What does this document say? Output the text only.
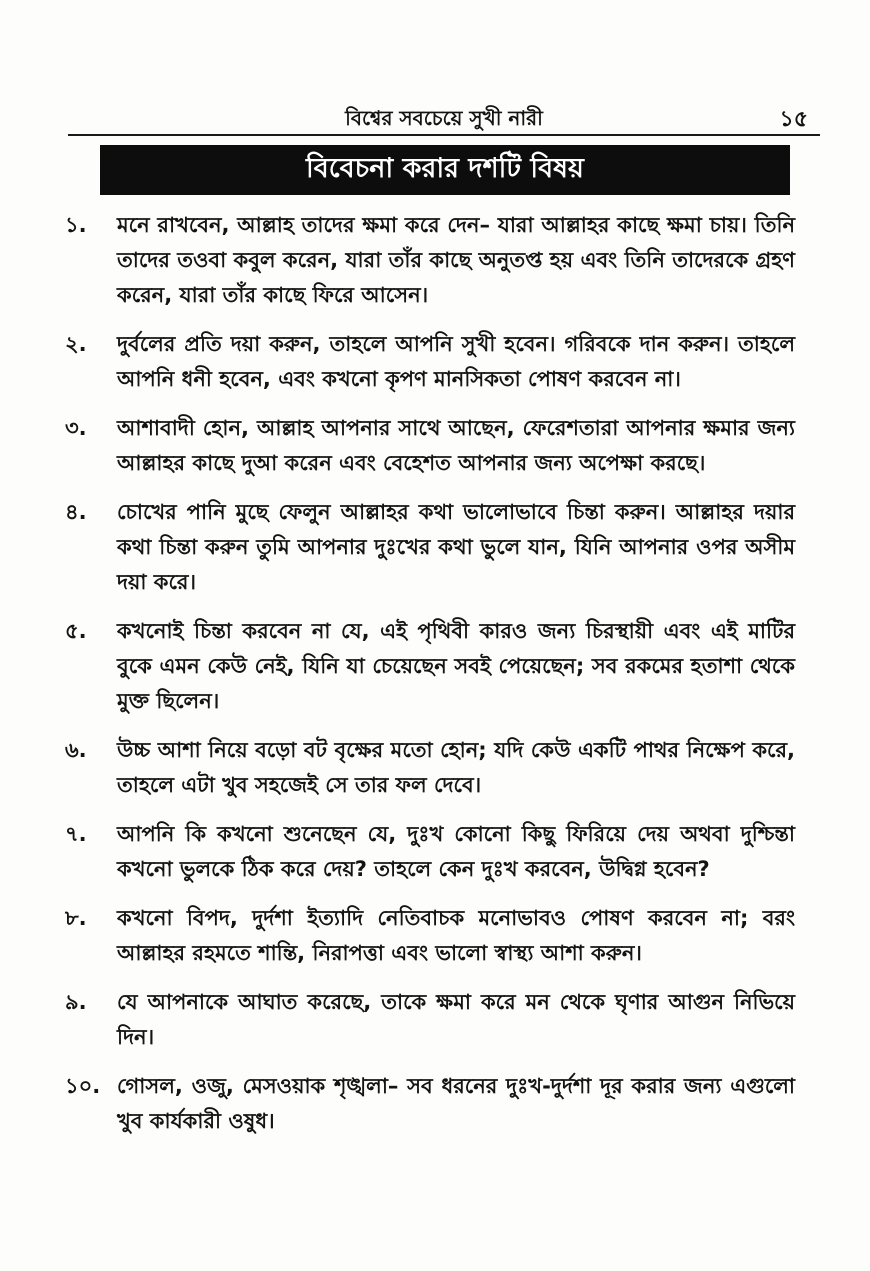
বিশ্বের সবচেয়ে সুখী নারী	১৫
বিবেচনা করার দশটি বিষয়
১.	মনে রাখবেন, আল্লাহ তাদের ক্ষমা করে দেন– যারা আল্লাহর কাছে ক্ষমা চায়। তিনি তাদের তওবা কবুল করেন, যারা তাঁর কাছে অনুতপ্ত হয় এবং তিনি তাদেরকে গ্রহণ করেন, যারা তাঁর কাছে ফিরে আসেন।
২.	দুর্বলের প্রতি দয়া করুন, তাহলে আপনি সুখী হবেন। গরিবকে দান করুন। তাহলে আপনি ধনী হবেন, এবং কখনো কৃপণ মানসিকতা পোষণ করবেন না।
৩.	আশাবাদী হোন, আল্লাহ আপনার সাথে আছেন, ফেরেশতারা আপনার ক্ষমার জন্য আল্লাহর কাছে দুআ করেন এবং বেহেশত আপনার জন্য অপেক্ষা করছে।
৪.	চোখের পানি মুছে ফেলুন আল্লাহর কথা ভালোভাবে চিন্তা করুন। আল্লাহর দয়ার কথা চিন্তা করুন তুমি আপনার দুঃখের কথা ভুলে যান, যিনি আপনার ওপর অসীম দয়া করে।
৫.	কখনোই চিন্তা করবেন না যে, এই পৃথিবী কারও জন্য চিরস্থায়ী এবং এই মাটির বুকে এমন কেউ নেই, যিনি যা চেয়েছেন সবই পেয়েছেন; সব রকমের হতাশা থেকে মুক্ত ছিলেন।
৬.	উচ্চ আশা নিয়ে বড়ো বট বৃক্ষের মতো হোন; যদি কেউ একটি পাথর নিক্ষেপ করে, তাহলে এটা খুব সহজেই সে তার ফল দেবে।
৭.	আপনি কি কখনো শুনেছেন যে, দুঃখ কোনো কিছু ফিরিয়ে দেয় অথবা দুশ্চিন্তা কখনো ভুলকে ঠিক করে দেয়? তাহলে কেন দুঃখ করবেন, উদ্বিগ্ন হবেন?
৮.	কখনো বিপদ, দুর্দশা ইত্যাদি নেতিবাচক মনোভাবও পোষণ করবেন না; বরং আল্লাহর রহমতে শান্তি, নিরাপত্তা এবং ভালো স্বাস্থ্য আশা করুন।
৯.	যে আপনাকে আঘাত করেছে, তাকে ক্ষমা করে মন থেকে ঘৃণার আগুন নিভিয়ে দিন।
১০. গোসল, ওজু, মেসওয়াক শৃঙ্খলা– সব ধরনের দুঃখ-দুর্দশা দূর করার জন্য এগুলো খুব কার্যকারী ওষুধ।
